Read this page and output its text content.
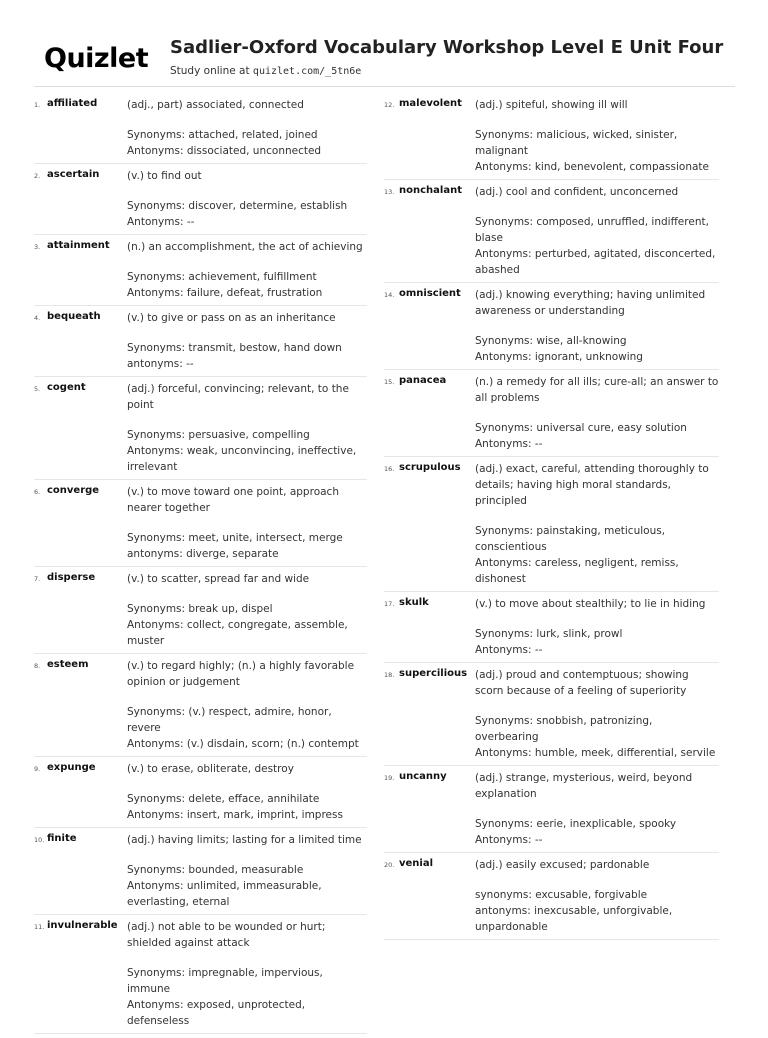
Quizlet Sadlier-Oxford Vocabulary Workshop Level E Unit Four
Study online at quizlet.com/_5tn6e
1. affiliated	(adj., part) associated, connected
Synonyms: attached, related, joined
Antonyms: dissociated, unconnected
2. ascertain	(v.) to find out
Synonyms: discover, determine, establish
Antonyms: --
3. attainment (n.) an accomplishment, the act of achieving
Synonyms: achievement, fulfillment
Antonyms: failure, defeat, frustration
4. bequeath	(v.) to give or pass on as an inheritance
Synonyms: transmit, bestow, hand down
antonyms: --
5. cogent	(adj.) forceful, convincing; relevant, to the point
Synonyms: persuasive, compelling
Antonyms: weak, unconvincing, ineffective, irrelevant
6. converge	(v.) to move toward one point, approach nearer together
Synonyms: meet, unite, intersect, merge
antonyms: diverge, separate
7. disperse	(v.) to scatter, spread far and wide
Synonyms: break up, dispel
Antonyms: collect, congregate, assemble, muster
8. esteem	(v.) to regard highly; (n.) a highly favorable opinion or judgement
Synonyms: (v.) respect, admire, honor, revere
Antonyms: (v.) disdain, scorn; (n.) contempt
9. expunge	(v.) to erase, obliterate, destroy
Synonyms: delete, efface, annihilate
Antonyms: insert, mark, imprint, impress
10. finite	(adj.) having limits; lasting for a limited time
Synonyms: bounded, measurable
Antonyms: unlimited, immeasurable, everlasting, eternal
11. invulnerable (adj.) not able to be wounded or hurt; shielded against attack
Synonyms: impregnable, impervious, immune
Antonyms: exposed, unprotected, defenseless
12. malevolent (adj.) spiteful, showing ill will
Synonyms: malicious, wicked, sinister, malignant
Antonyms: kind, benevolent, compassionate
13. nonchalant (adj.) cool and confident, unconcerned
Synonyms: composed, unruffled, indifferent, blase
Antonyms: perturbed, agitated, disconcerted, abashed
14. omniscient (adj.) knowing everything; having unlimited awareness or understanding
Synonyms: wise, all-knowing
Antonyms: ignorant, unknowing
15. panacea	(n.) a remedy for all ills; cure-all; an answer to all problems
Synonyms: universal cure, easy solution
Antonyms: --
16. scrupulous (adj.) exact, careful, attending thoroughly to details; having high moral standards, principled
Synonyms: painstaking, meticulous, conscientious
Antonyms: careless, negligent, remiss, dishonest
17. skulk	(v.) to move about stealthily; to lie in hiding
Synonyms: lurk, slink, prowl
Antonyms: --
18. supercilious (adj.) proud and contemptuous; showing scorn because of a feeling of superiority
Synonyms: snobbish, patronizing, overbearing
Antonyms: humble, meek, differential, servile
19. uncanny	(adj.) strange, mysterious, weird, beyond explanation
Synonyms: eerie, inexplicable, spooky
Antonyms: --
20. venial	(adj.) easily excused; pardonable
synonyms: excusable, forgivable
antonyms: inexcusable, unforgivable, unpardonable
